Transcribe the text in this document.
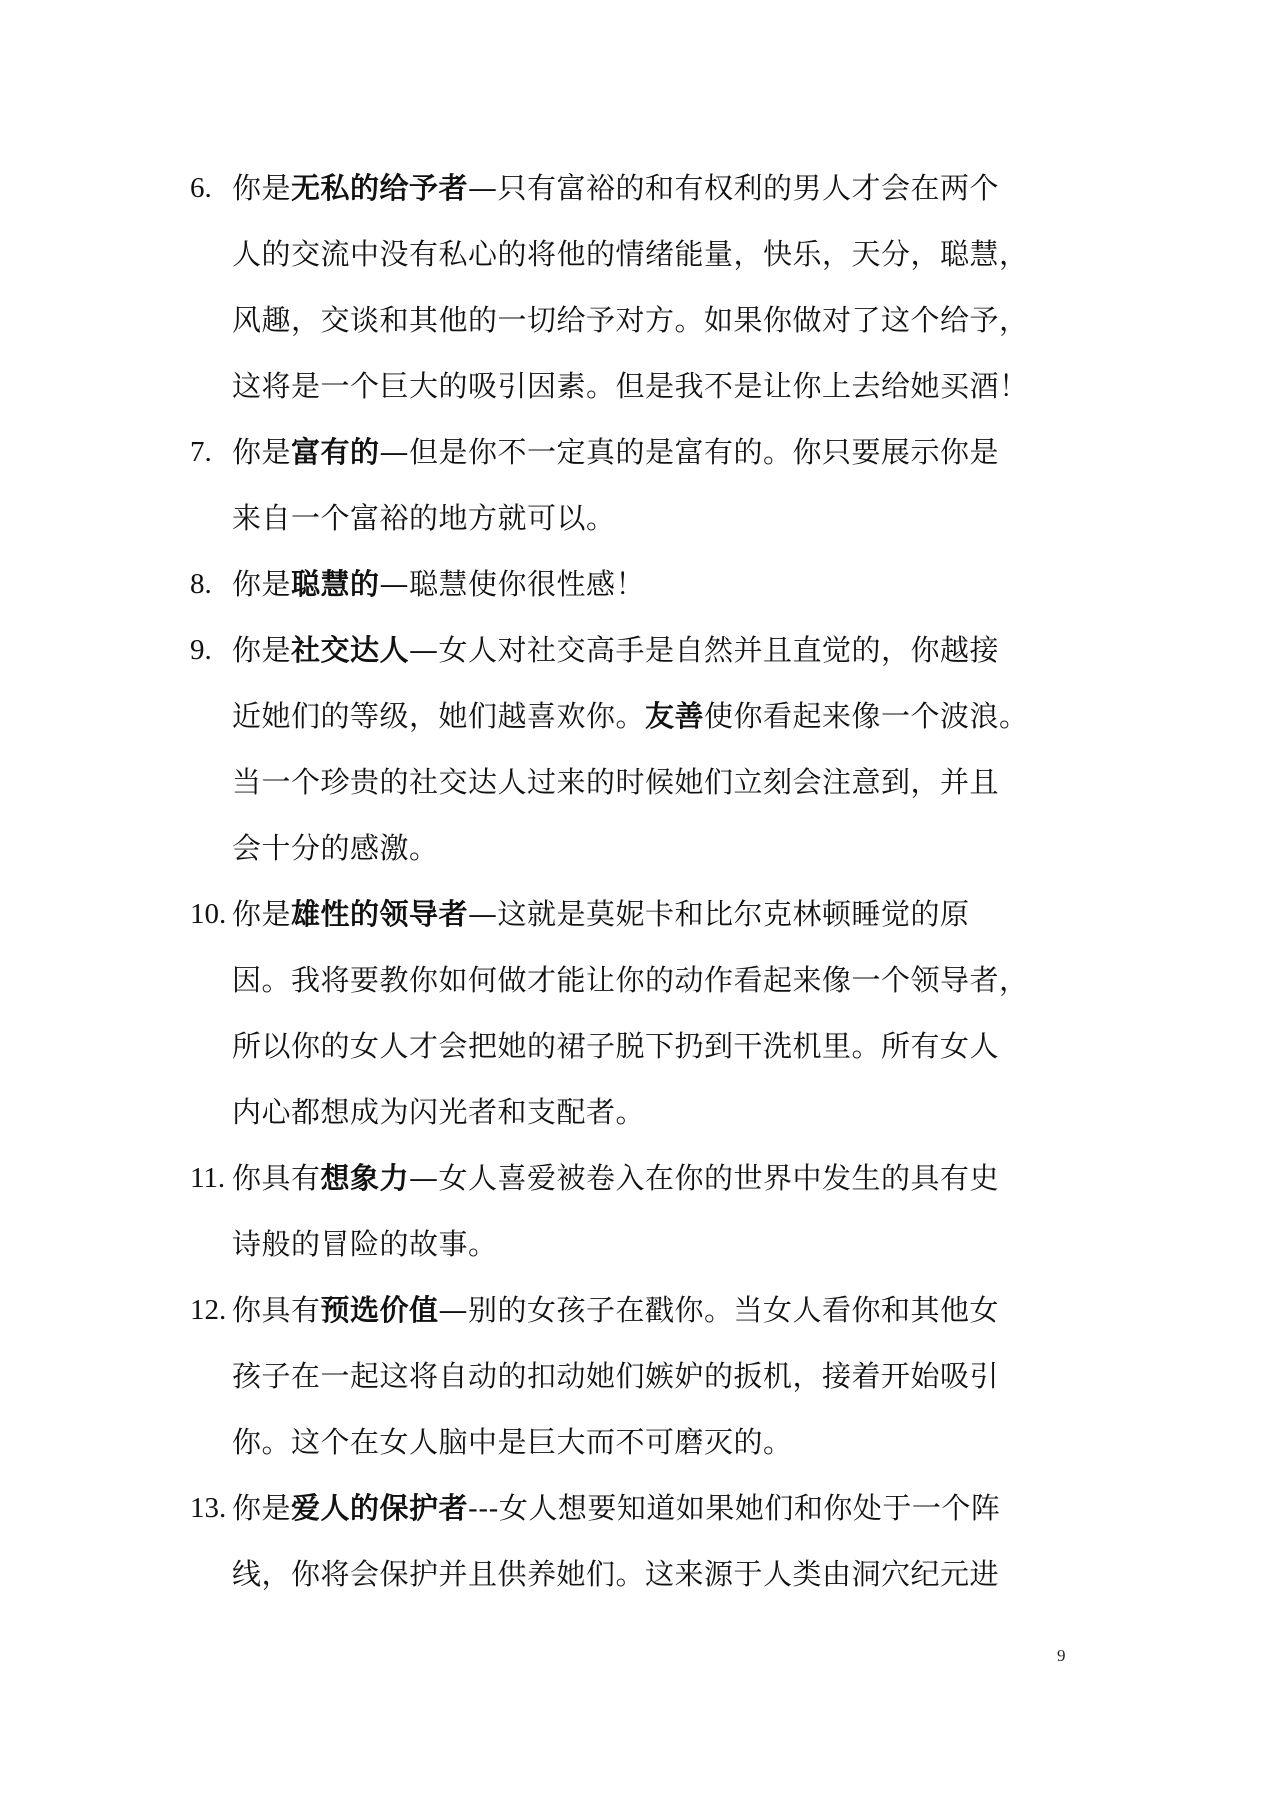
6. 你是无私的给予者—只有富裕的和有权利的男人才会在两个
人的交流中没有私心的将他的情绪能量，快乐，天分，聪慧，
风趣，交谈和其他的一切给予对方。如果你做对了这个给予，
这将是一个巨大的吸引因素。但是我不是让你上去给她买酒！
7. 你是富有的—但是你不一定真的是富有的。你只要展示你是
来自一个富裕的地方就可以。
8. 你是聪慧的—聪慧使你很性感！
9. 你是社交达人—女人对社交高手是自然并且直觉的，你越接
近她们的等级，她们越喜欢你。友善使你看起来像一个波浪。
当一个珍贵的社交达人过来的时候她们立刻会注意到，并且
会十分的感激。
10. 你是雄性的领导者—这就是莫妮卡和比尔克林顿睡觉的原
因。我将要教你如何做才能让你的动作看起来像一个领导者，
所以你的女人才会把她的裙子脱下扔到干洗机里。所有女人
内心都想成为闪光者和支配者。
11. 你具有想象力—女人喜爱被卷入在你的世界中发生的具有史
诗般的冒险的故事。
12. 你具有预选价值—别的女孩子在戳你。当女人看你和其他女
孩子在一起这将自动的扣动她们嫉妒的扳机，接着开始吸引
你。这个在女人脑中是巨大而不可磨灭的。
13. 你是爱人的保护者---女人想要知道如果她们和你处于一个阵
线，你将会保护并且供养她们。这来源于人类由洞穴纪元进
9
